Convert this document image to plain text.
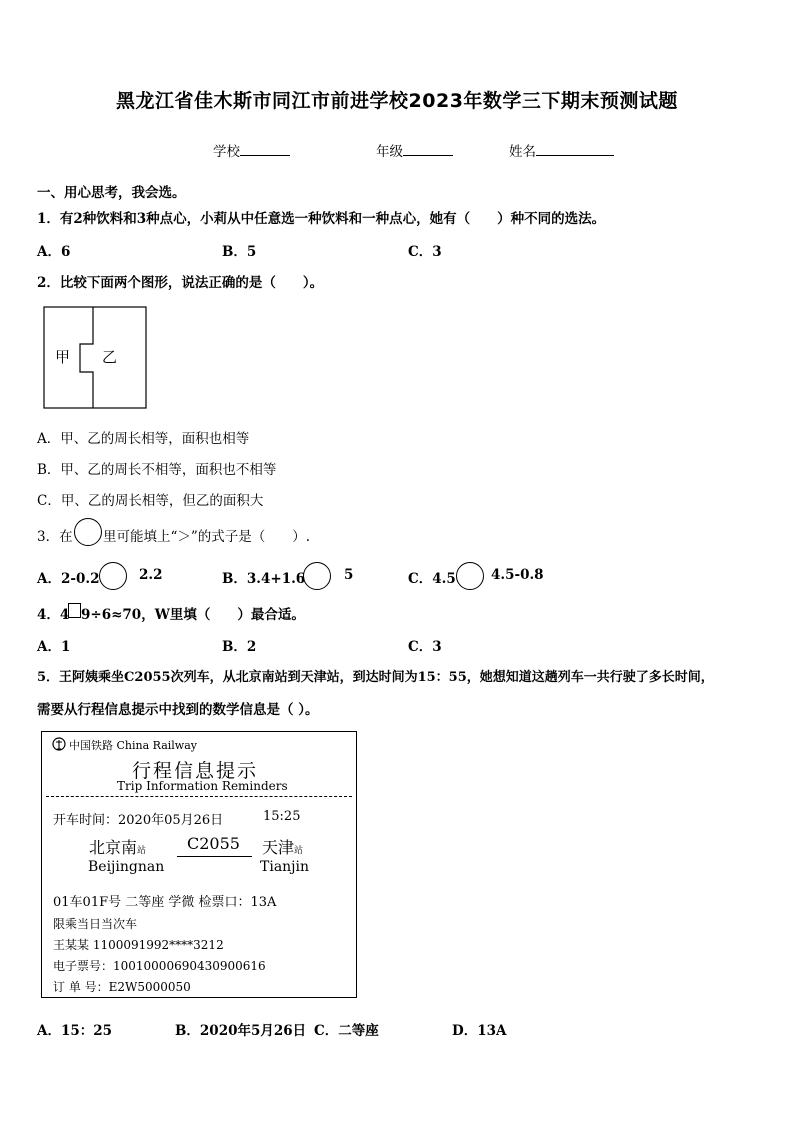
黑龙江省佳木斯市同江市前进学校2023年数学三下期末预测试题
学校	年级	姓名
一、用心思考，我会选。
1．有2种饮料和3种点心，小莉从中任意选一种饮料和一种点心，她有（　　）种不同的选法。
A．6	B．5	C．3
2．比较下面两个图形，说法正确的是（　　）。
甲 乙
A．甲、乙的周长相等，面积也相等
B．甲、乙的周长不相等，面积也不相等
C．甲、乙的周长相等，但乙的面积大
3．在 里可能填上“＞”的式子是（　　）.
A．2-0.2	2.2	B．3.4+1.6	5	C．4.5	4.5-0.8
4．4 9÷6≈70，W里填（　　）最合适。
A．1	B．2	C．3
5．王阿姨乘坐C2055次列车，从北京南站到天津站，到达时间为15：55，她想知道这趟列车一共行驶了多长时间，
需要从行程信息提示中找到的数学信息是（ ）。
中国铁路 China Railway
行程信息提示
Trip Information Reminders
开车时间：2020年05月26日	15:25
北京南站
Beijingnan
C2055 天津站
Tianjin
01车01F号 二等座 学微 检票口：13A
限乘当日当次车
王某某 1100091992****3212
电子票号：10010000690430900616
订 单 号：E2W5000050
A．15：25	B．2020年5月26日 C．二等座	D．13A
